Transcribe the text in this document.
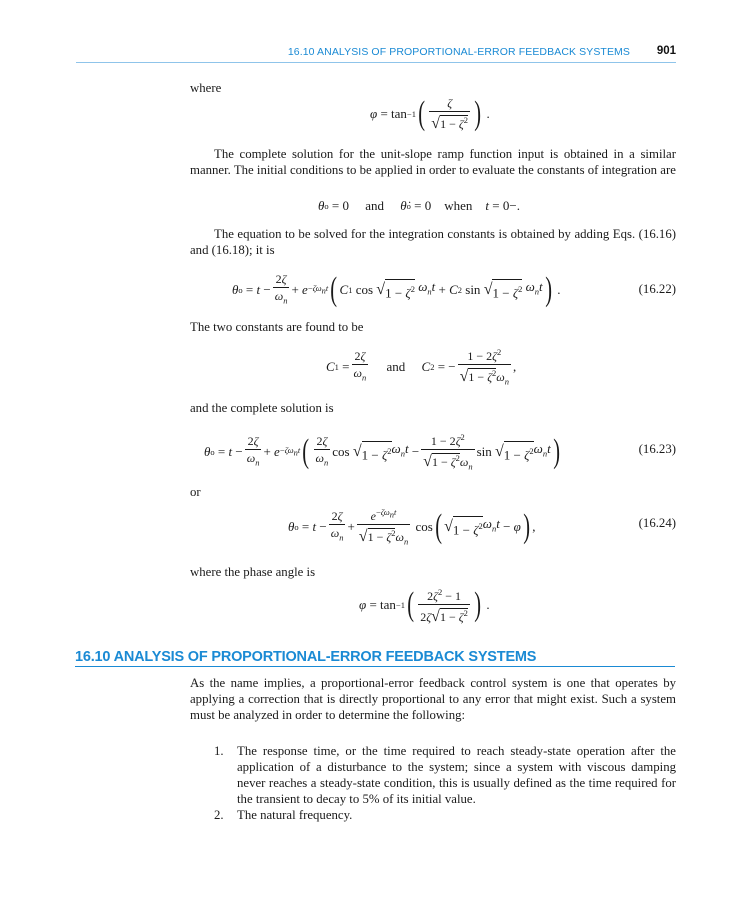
16.10 ANALYSIS OF PROPORTIONAL-ERROR FEEDBACK SYSTEMS 901
where
φ = tan −1 ( $\frac{\zeta}{√1 - \zeta^2}$ ) .
The complete solution for the unit-slope ramp function input is obtained in a similar manner. The initial conditions to be applied in order to evaluate the constants of integration are
θ o = 0 and
θ̇ o = 0 when
t = 0−.
The equation to be solved for the integration constants is obtained by adding Eqs. (16.16) and (16.18); it is
θ $o = t - \frac{2\zeta}{\omega_n} + e -\zeta\omega_nt$ ( C 1 cos √ $1 - \zeta^2$
$\omega_nt + C$ 2 sin √ $1 - \zeta^2$
$\omega_nt$ ) .	(16.22)
The two constants are found to be
C $1 = \frac{2\zeta}{\omega_n}$
and
C 2 = − $\frac{1 - 2\zeta^2}{√1 - \zeta^2\omega_n}$ ,
and the complete solution is
θ $o = t - \frac{2\zeta}{\omega_n} + e -\zeta\omega_nt$ ( $\frac{2\zeta}{\omega_n}$ cos √ $1 - \zeta^2$ $\omega_nt - \frac{1 - 2\zeta^2}{√1 - \zeta^2\omega_n}$ sin √ $1 - \zeta^2$ $\omega_nt$ )	(16.23)
or
θ $o = t - \frac{2\zeta}{\omega_n} + \frac{e^{-\zeta\omega_nt}}{√1 - \zeta^2\omega_n}$ cos ( √ $1 - \zeta^2$ $\omega_nt - \varphi$ ) ,	(16.24)
where the phase angle is
φ = tan −1 ( $\frac{2\zeta^2 - 1}{2\zeta√1 - \zeta^2}$ ) .
16.10 ANALYSIS OF PROPORTIONAL-ERROR FEEDBACK SYSTEMS
As the name implies, a proportional-error feedback control system is one that operates by applying a correction that is directly proportional to any error that might exist. Such a system must be analyzed in order to determine the following:
1. The response time, or the time required to reach steady-state operation after the application of a disturbance to the system; since a system with viscous damping never reaches a steady-state condition, this is usually defined as the time required for the transient to decay to 5% of its initial value.
2. The natural frequency.
